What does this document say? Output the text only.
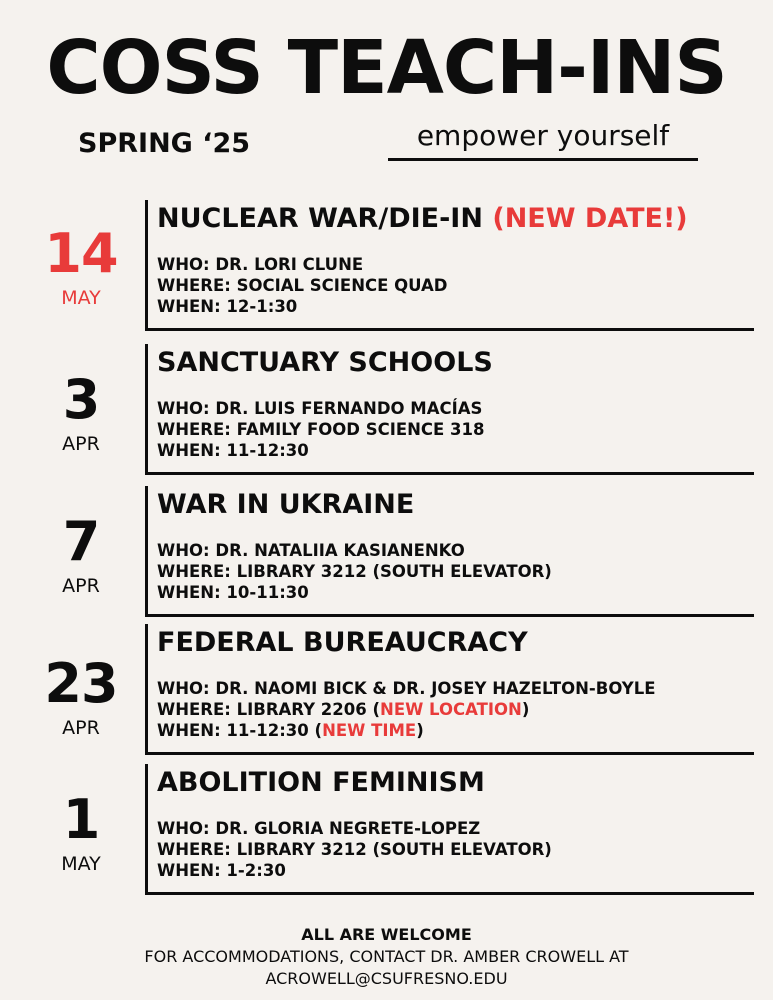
COSS TEACH-INS
SPRING ‘25	empower yourself
14
MAY
NUCLEAR WAR/DIE-IN (NEW DATE!)
WHO: DR. LORI CLUNE
WHERE: SOCIAL SCIENCE QUAD
WHEN: 12-1:30
3
APR
SANCTUARY SCHOOLS
WHO: DR. LUIS FERNANDO MACÍAS
WHERE: FAMILY FOOD SCIENCE 318
WHEN: 11-12:30
7
APR
WAR IN UKRAINE
WHO: DR. NATALIIA KASIANENKO
WHERE: LIBRARY 3212 (SOUTH ELEVATOR)
WHEN: 10-11:30
23
APR
FEDERAL BUREAUCRACY
WHO: DR. NAOMI BICK & DR. JOSEY HAZELTON-BOYLE
WHERE: LIBRARY 2206 (NEW LOCATION)
WHEN: 11-12:30 (NEW TIME)
1
MAY
ABOLITION FEMINISM
WHO: DR. GLORIA NEGRETE-LOPEZ
WHERE: LIBRARY 3212 (SOUTH ELEVATOR)
WHEN: 1-2:30
ALL ARE WELCOME
FOR ACCOMMODATIONS, CONTACT DR. AMBER CROWELL AT
ACROWELL@CSUFRESNO.EDU
